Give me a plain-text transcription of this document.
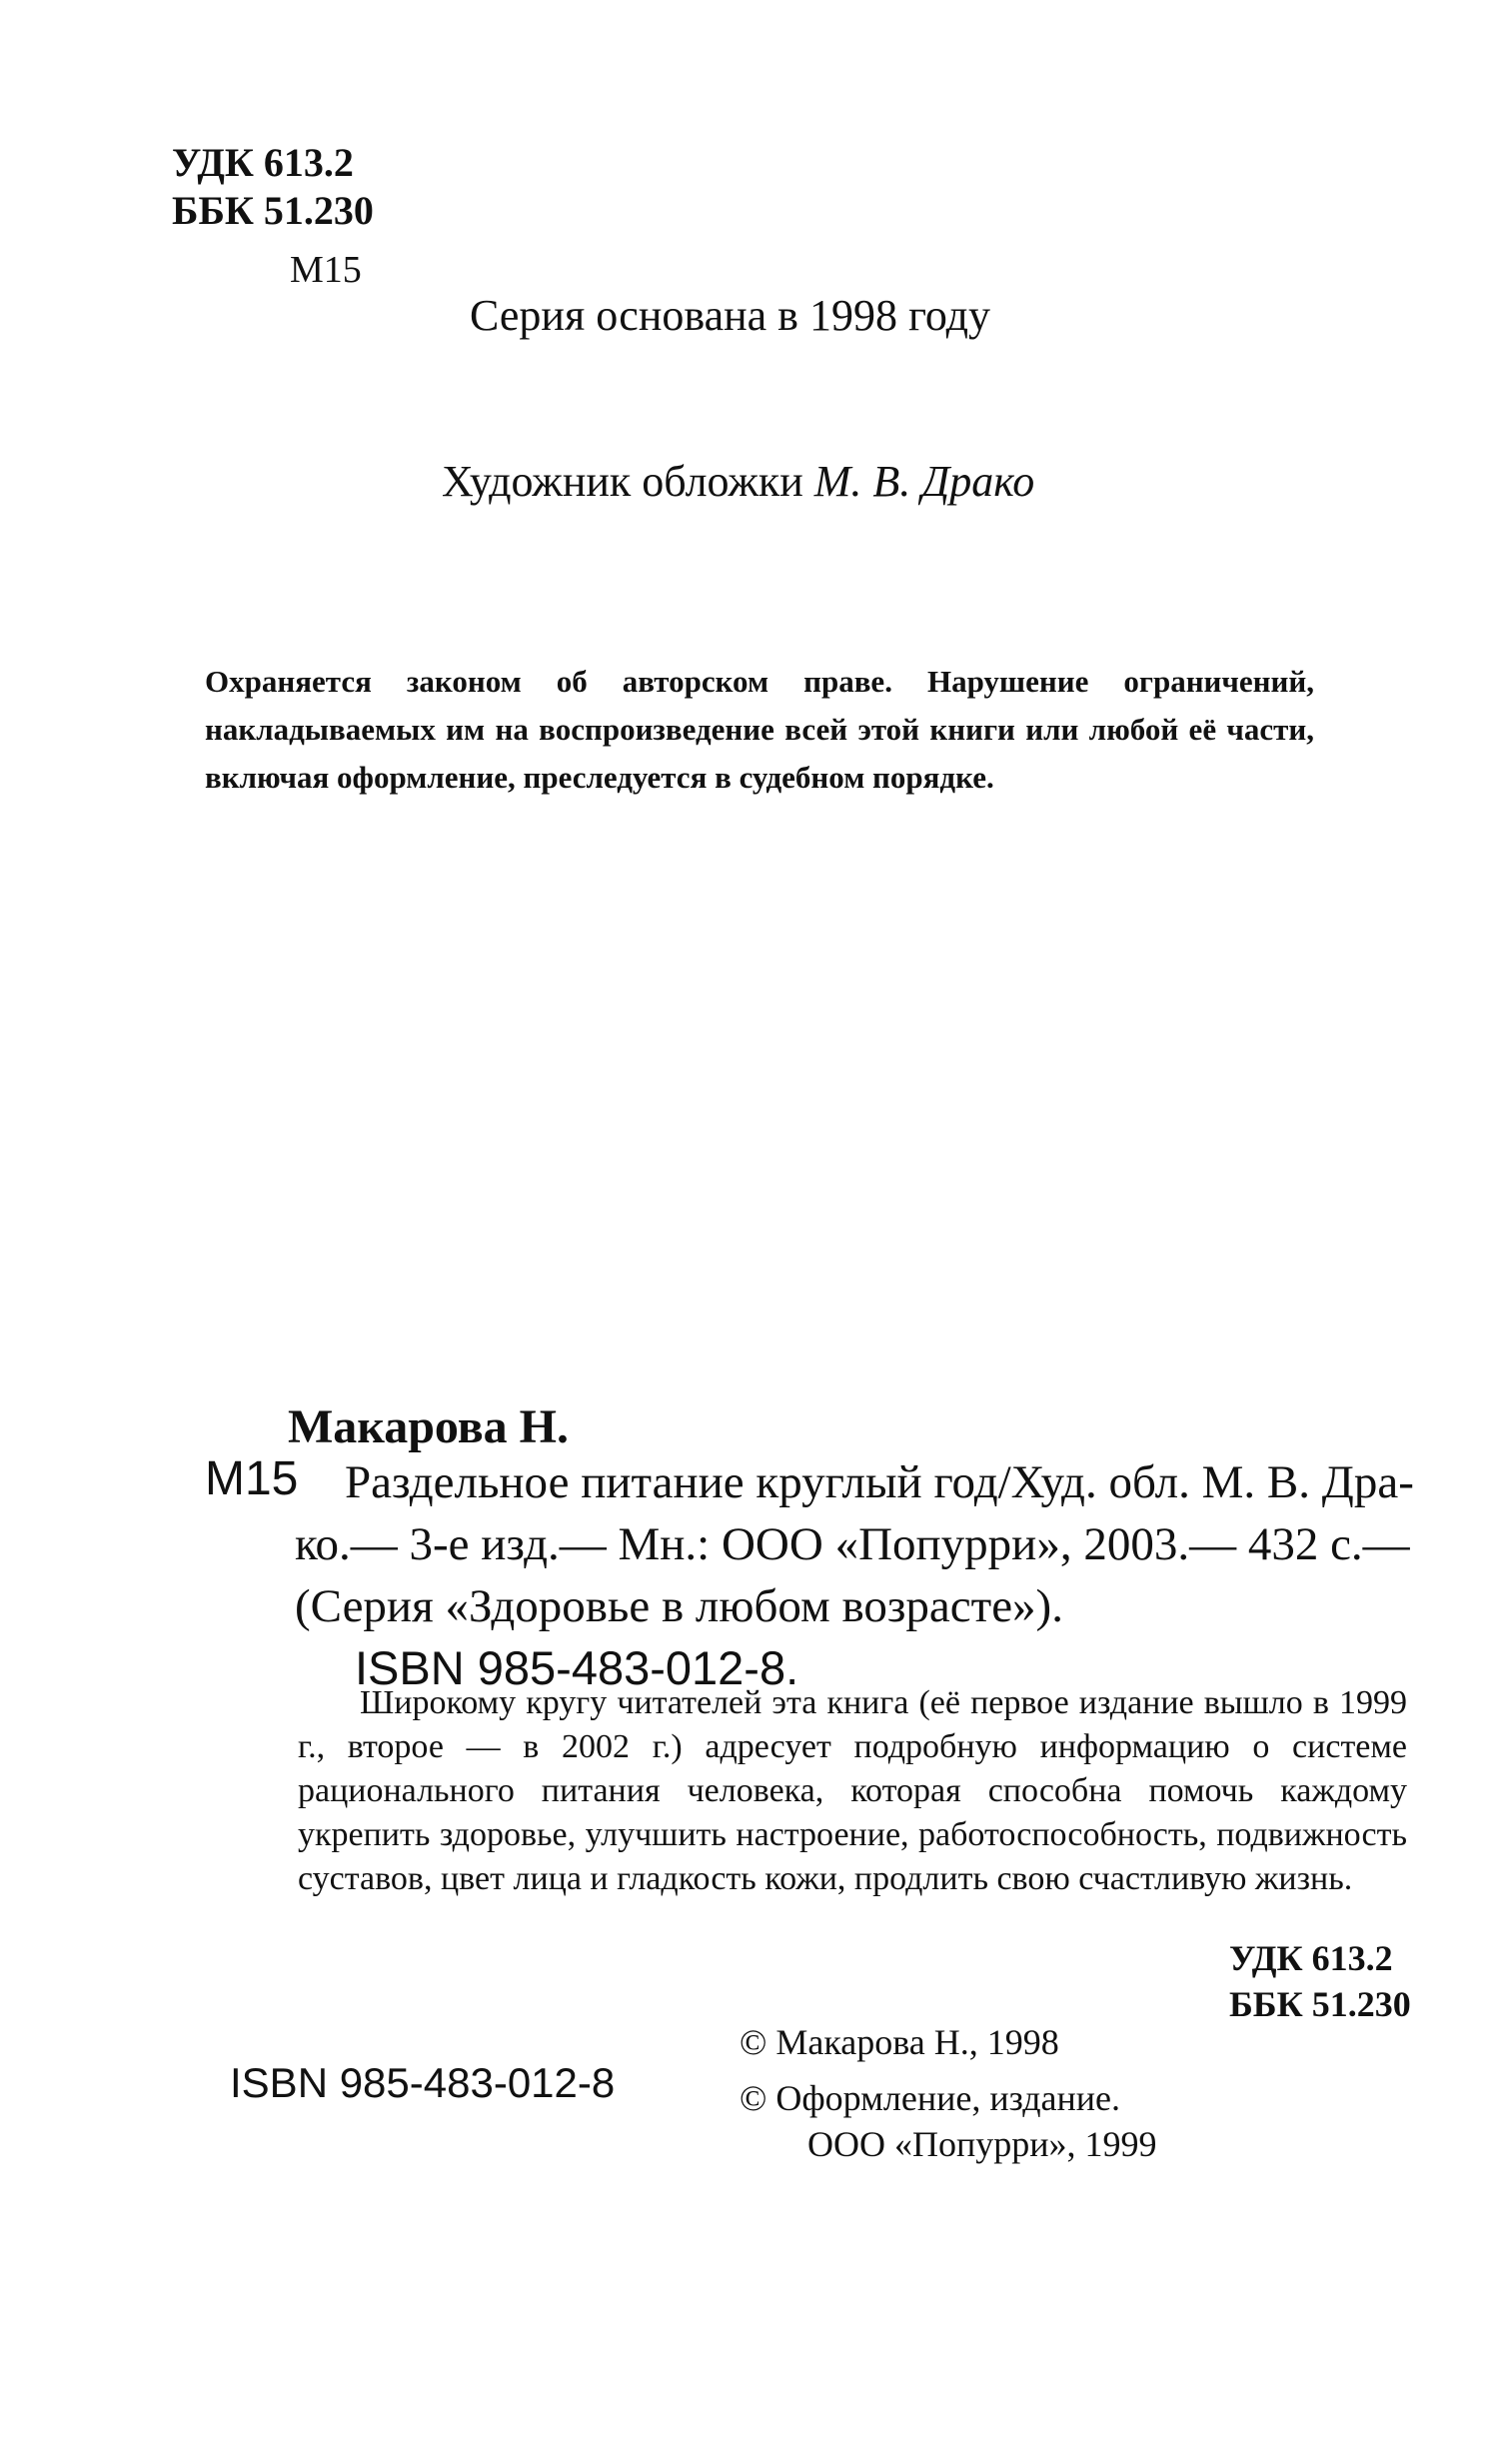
УДК 613.2
ББК 51.230
М15
Серия основана в 1998 году
Художник обложки М. В. Драко
Охраняется законом об авторском праве. Нарушение ограничений, накладываемых им на воспроизведение всей этой книги или любой её части, включая оформление, преследуется в судебном порядке.
Макарова Н.
М15 Раздельное питание круглый год/Худ. обл. М. В. Дра-
ко.— 3-е изд.— Мн.: ООО «Попурри», 2003.— 432 с.—
(Серия «Здоровье в любом возрасте»).
ISBN 985-483-012-8.
Широкому кругу читателей эта книга (её первое издание вышло в 1999 г., второе — в 2002 г.) адресует подробную информацию о системе рационального питания человека, которая способна помочь каждому укрепить здоровье, улучшить настроение, работоспособность, подвижность суставов, цвет лица и гладкость кожи, продлить свою счастливую жизнь.
УДК 613.2
ББК 51.230
ISBN 985-483-012-8
© Макарова Н., 1998
© Оформление, издание.
ООО «Попурри», 1999
